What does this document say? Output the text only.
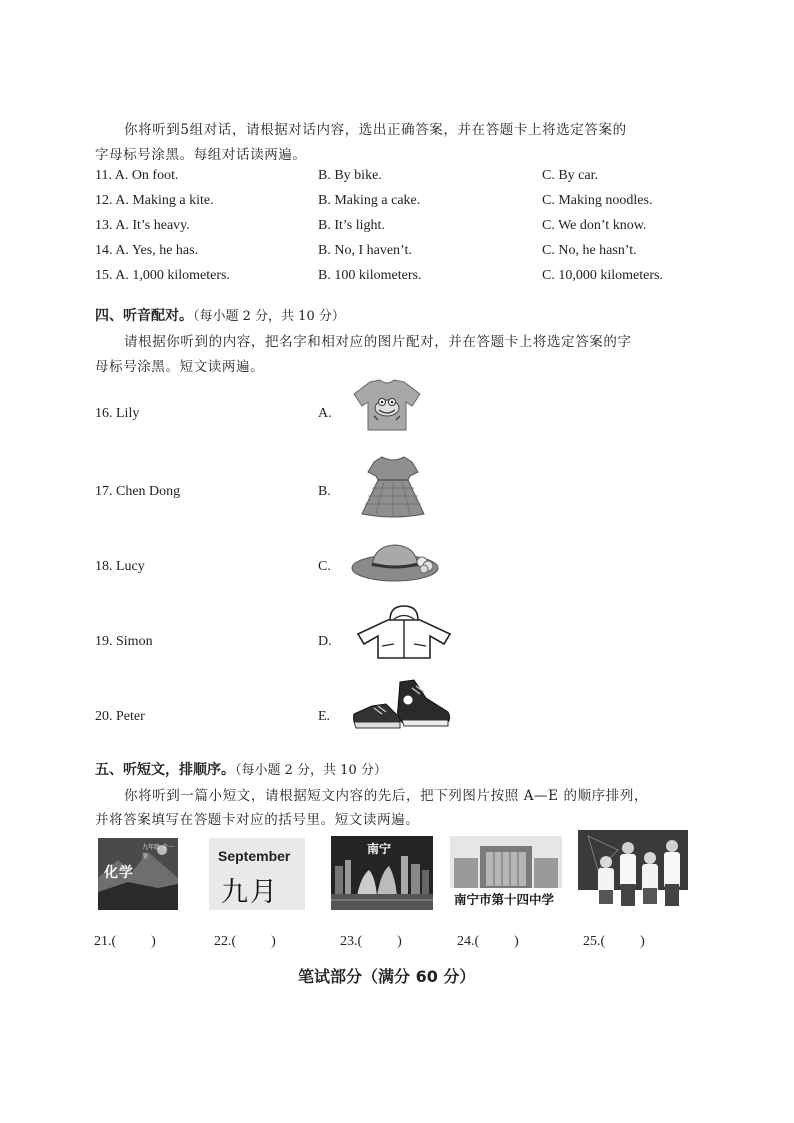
你将听到5组对话，请根据对话内容，选出正确答案，并在答题卡上将选定答案的
字母标号涂黑。每组对话读两遍。
11. A. On foot.	B. By bike.	C. By car.
12. A. Making a kite.	B. Making a cake.	C. Making noodles.
13. A. It’s heavy.	B. It’s light.	C. We don’t know.
14. A. Yes, he has.	B. No, I haven’t.	C. No, he hasn’t.
15. A. 1,000 kilometers.	B. 100 kilometers.	C. 10,000 kilometers.
四、听音配对。（每小题 2 分，共 10 分）
请根据你听到的内容，把名字和相对应的图片配对，并在答题卡上将选定答案的字
母标号涂黑。短文读两遍。
16. Lily	A.
17. Chen Dong	B.
18. Lucy	C.
19. Simon	D.
20. Peter	E.
五、听短文，排顺序。（每小题 2 分，共 10 分）
你将听到一篇小短文，请根据短文内容的先后，把下列图片按照 A—E 的顺序排列，
并将答案填写在答题卡对应的括号里。短文读两遍。
化学
九年级 全一册	September
九月
南宁
南宁市第十四中学
21.(          )	22.(          )	23.(          )	24.(          )	25.(          )
笔试部分（满分 60 分）
